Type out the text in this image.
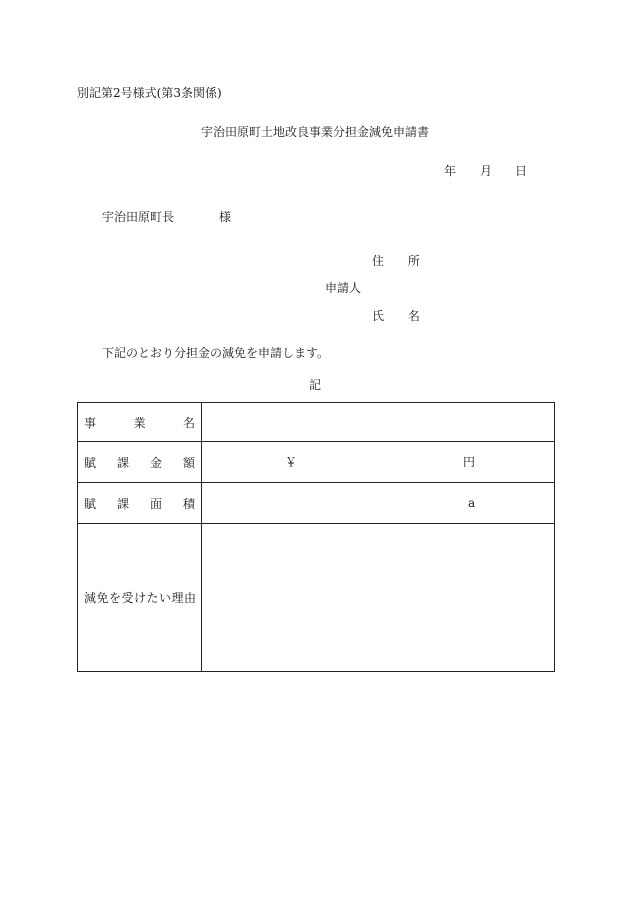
別記第2号様式(第3条関係)
宇治田原町土地改良事業分担金減免申請書
年 月 日
宇治田原町長	様
住 所
申請人
氏 名
下記のとおり分担金の減免を申請します。
記
事 業 名	

賦 課 金 額	￥ 円

賦 課 面 積	a

減免を受けたい理由	
